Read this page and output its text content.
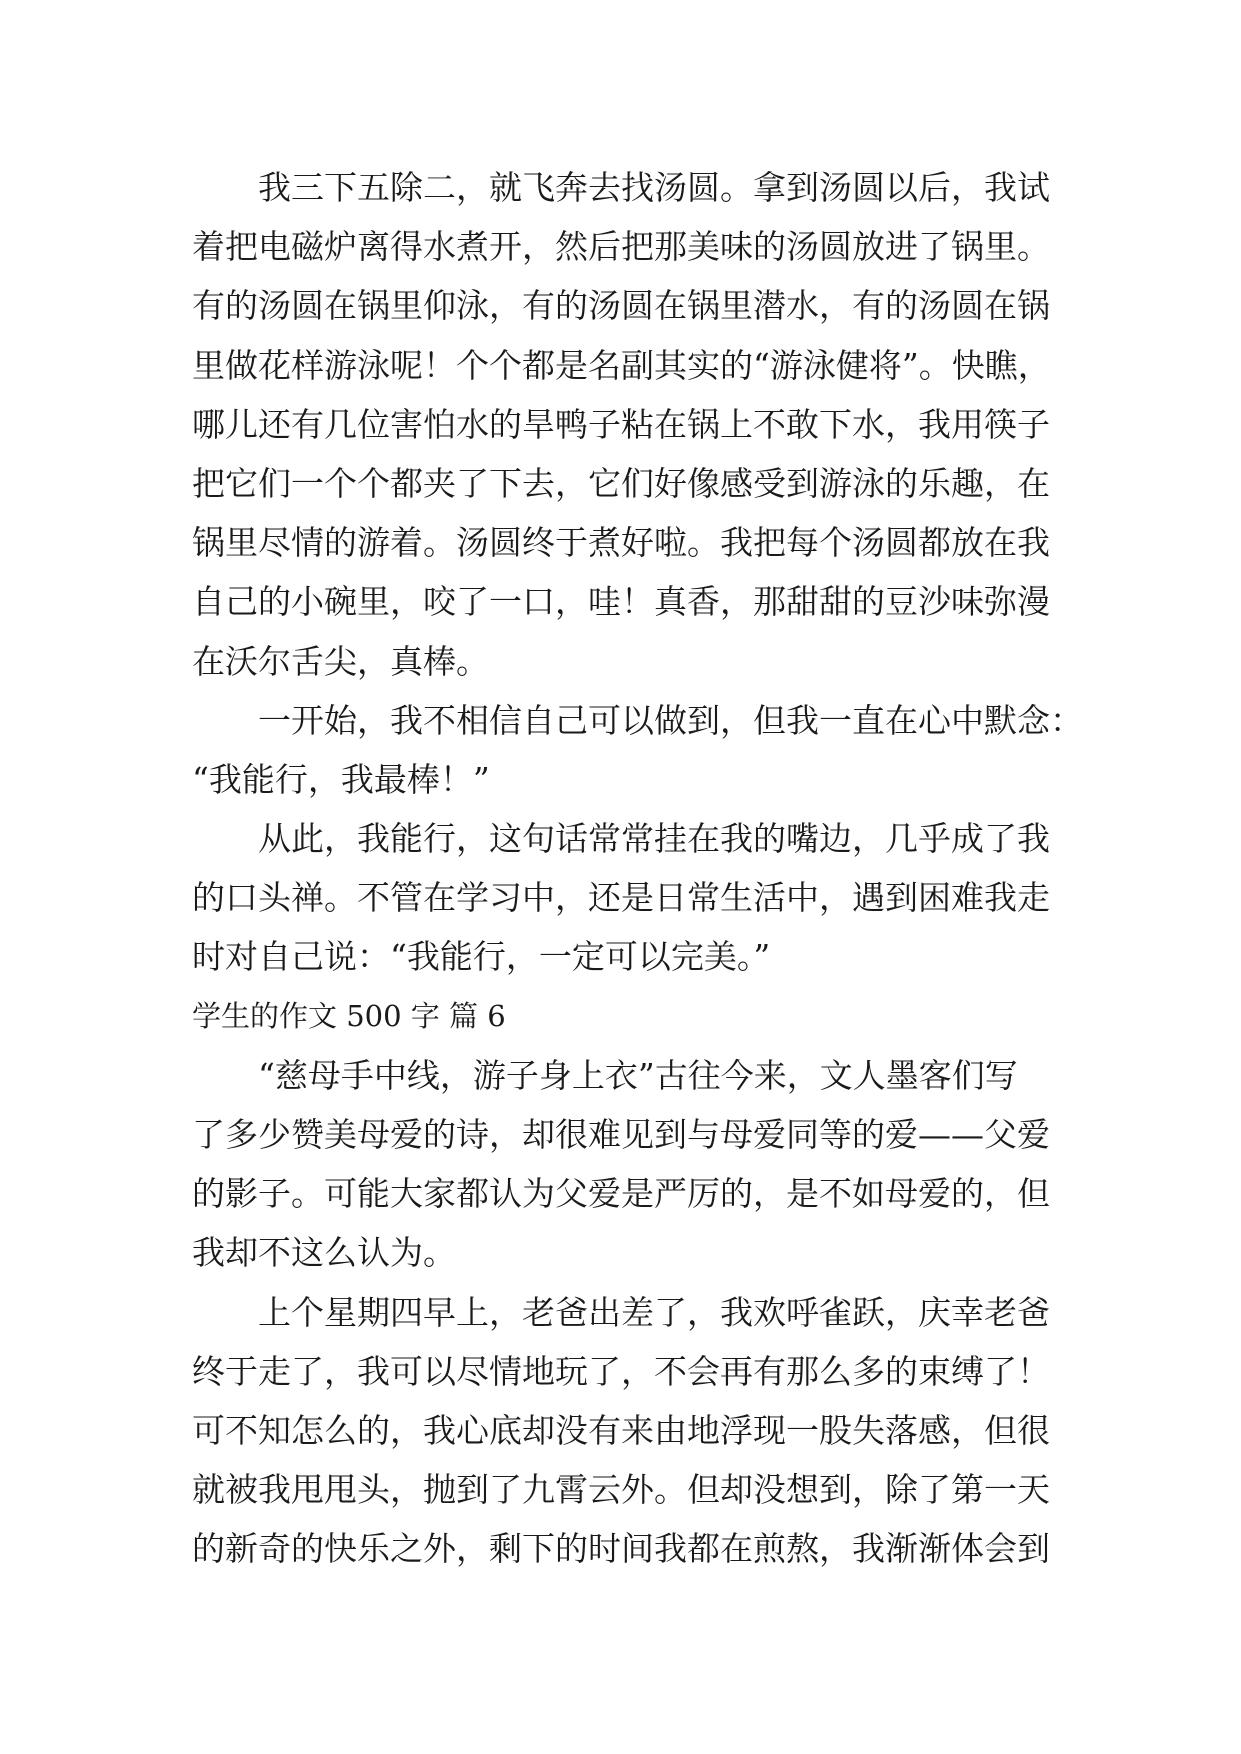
我三下五除二，就飞奔去找汤圆。拿到汤圆以后，我试
着把电磁炉离得水煮开，然后把那美味的汤圆放进了锅里。
有的汤圆在锅里仰泳，有的汤圆在锅里潜水，有的汤圆在锅
里做花样游泳呢！个个都是名副其实的“游泳健将”。快瞧，
哪儿还有几位害怕水的旱鸭子粘在锅上不敢下水，我用筷子
把它们一个个都夹了下去，它们好像感受到游泳的乐趣，在
锅里尽情的游着。汤圆终于煮好啦。我把每个汤圆都放在我
自己的小碗里，咬了一口，哇！真香，那甜甜的豆沙味弥漫
在沃尔舌尖，真棒。
一开始，我不相信自己可以做到，但我一直在心中默念：
“我能行，我最棒！”
从此，我能行，这句话常常挂在我的嘴边，几乎成了我
的口头禅。不管在学习中，还是日常生活中，遇到困难我走
时对自己说：“我能行，一定可以完美。”
学生的作文 500 字 篇 6
“慈母手中线，游子身上衣”古往今来，文人墨客们写
了多少赞美母爱的诗，却很难见到与母爱同等的爱——父爱
的影子。可能大家都认为父爱是严厉的，是不如母爱的，但
我却不这么认为。
上个星期四早上，老爸出差了，我欢呼雀跃，庆幸老爸
终于走了，我可以尽情地玩了，不会再有那么多的束缚了！
可不知怎么的，我心底却没有来由地浮现一股失落感，但很
就被我甩甩头，抛到了九霄云外。但却没想到，除了第一天
的新奇的快乐之外，剩下的时间我都在煎熬，我渐渐体会到
